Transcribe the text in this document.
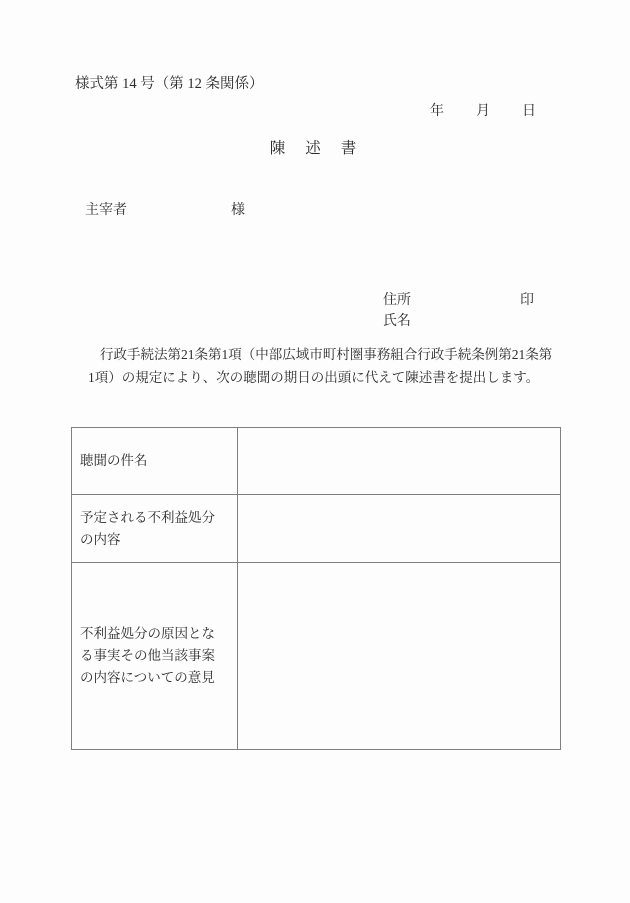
様式第 14 号（第 12 条関係）
年 月 日
陳述書
主宰者	様

住所

氏名

印

行政手続法第21条第1項（中部広域市町村圏事務組合行政手続条例第21条第
1項）の規定により、次の聴聞の期日の出頭に代えて陳述書を提出します。
聴聞の件名	

予定される不利益処分
の内容	

不利益処分の原因とな
る事実その他当該事案
の内容についての意見	
